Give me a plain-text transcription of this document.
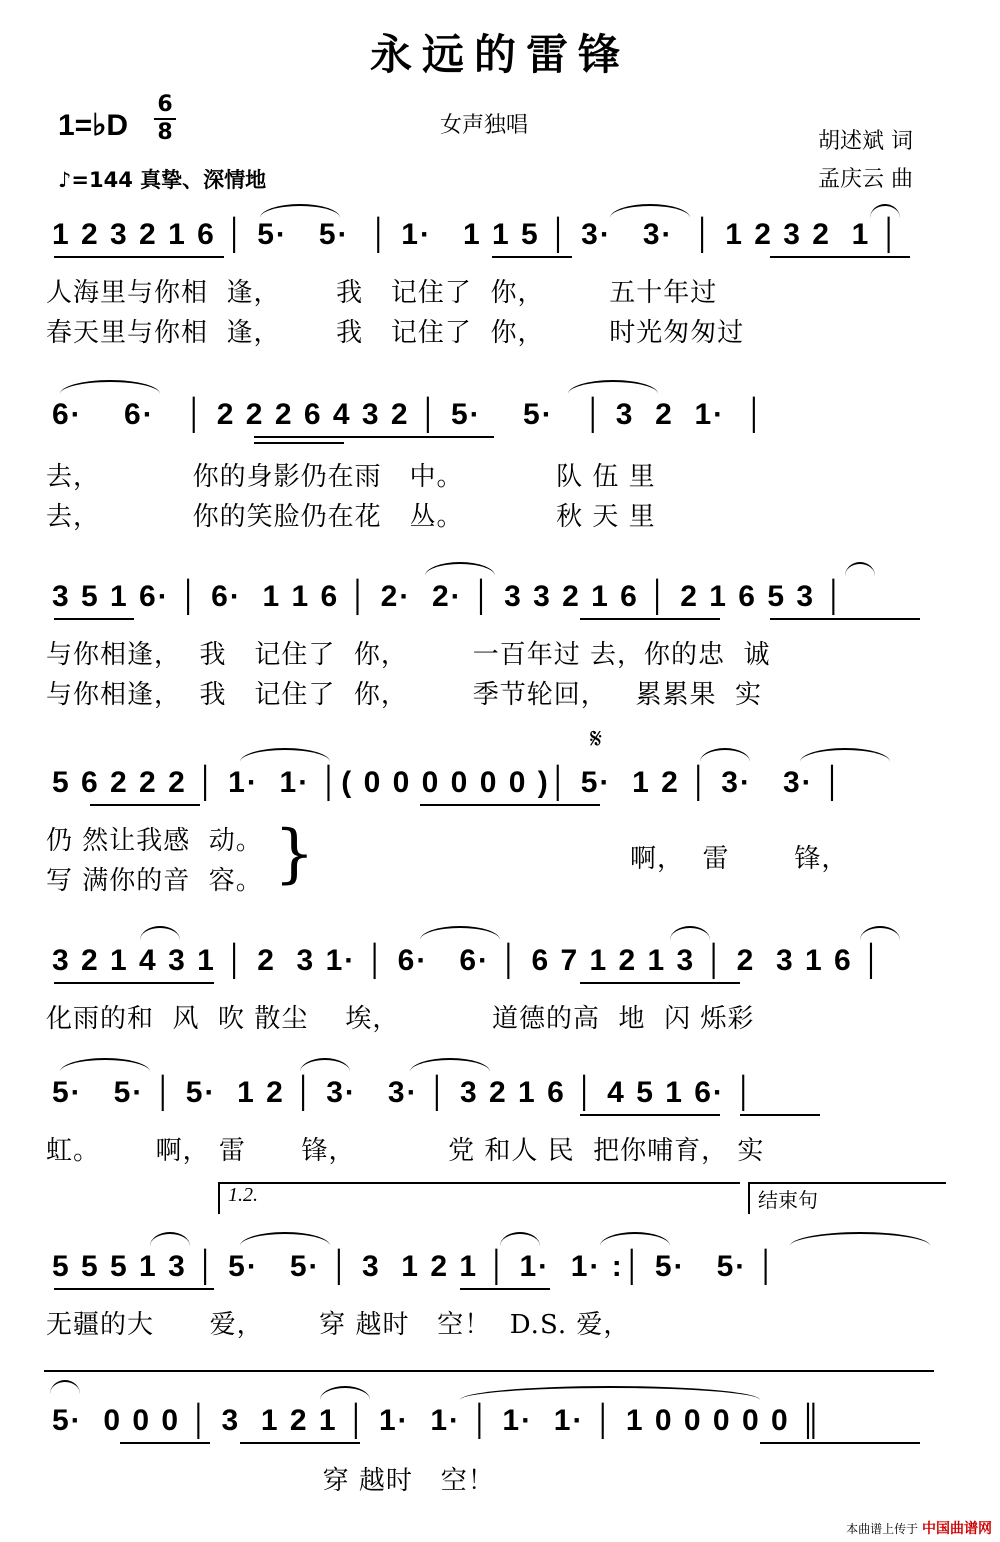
永远的雷锋
1=♭D
6
8	女声独唱
胡述斌 词
孟庆云 曲
♪=144 真挚、深情地
1 2 3 2 1 6 │ 5·   5·  │ 1·   1 1 5 │ 3·   3·  │ 1 2 3 2  1 │
人海里与你相  逢，      我   记住了  你，       五十年过
春天里与你相  逢，      我   记住了  你，       时光匆匆过
6·    6·   │ 2 2 2 6 4 3 2 │ 5·    5·   │ 3  2  1·  │
去，          你的身影仍在雨   中。          队 伍 里
去，          你的笑脸仍在花   丛。          秋 天 里
3 5 1 6· │ 6·  1 1 6 │ 2·  2· │ 3 3 2 1 6 │ 2 1 6 5 3 │
与你相逢，  我   记住了  你，       一百年过 去，你的忠  诚
与你相逢，  我   记住了  你，       季节轮回，   累累果  实
𝄋
5 6 2 2 2 │ 1·  1· │( 0 0 0 0 0 0 )│ 5·  1 2 │ 3·   3· │
仍 然让我感  动。
写 满你的音  容。 }	啊，  雷       锋，
3 2 1 4 3 1 │ 2  3 1· │ 6·   6· │ 6 7 1 2 1 3 │ 2  3 1 6 │
化雨的和  风  吹 散尘    埃，          道德的高  地  闪 烁彩
5·   5· │ 5·  1 2 │ 3·   3· │ 3 2 1 6 │ 4 5 1 6· │
虹。      啊， 雷      锋，          党 和人 民  把你哺育， 实
1.2.	结束句
5 5 5 1 3 │ 5·   5· │ 3  1 2 1 │ 1·  1· :│ 5·   5· │
无疆的大      爱，      穿 越时   空！  D.S. 爱，
5·  0 0 0 │ 3  1 2 1 │ 1·  1· │ 1·  1· │ 1 0 0 0 0 0 ║
穿 越时   空！
本曲谱上传于 中国曲谱网
